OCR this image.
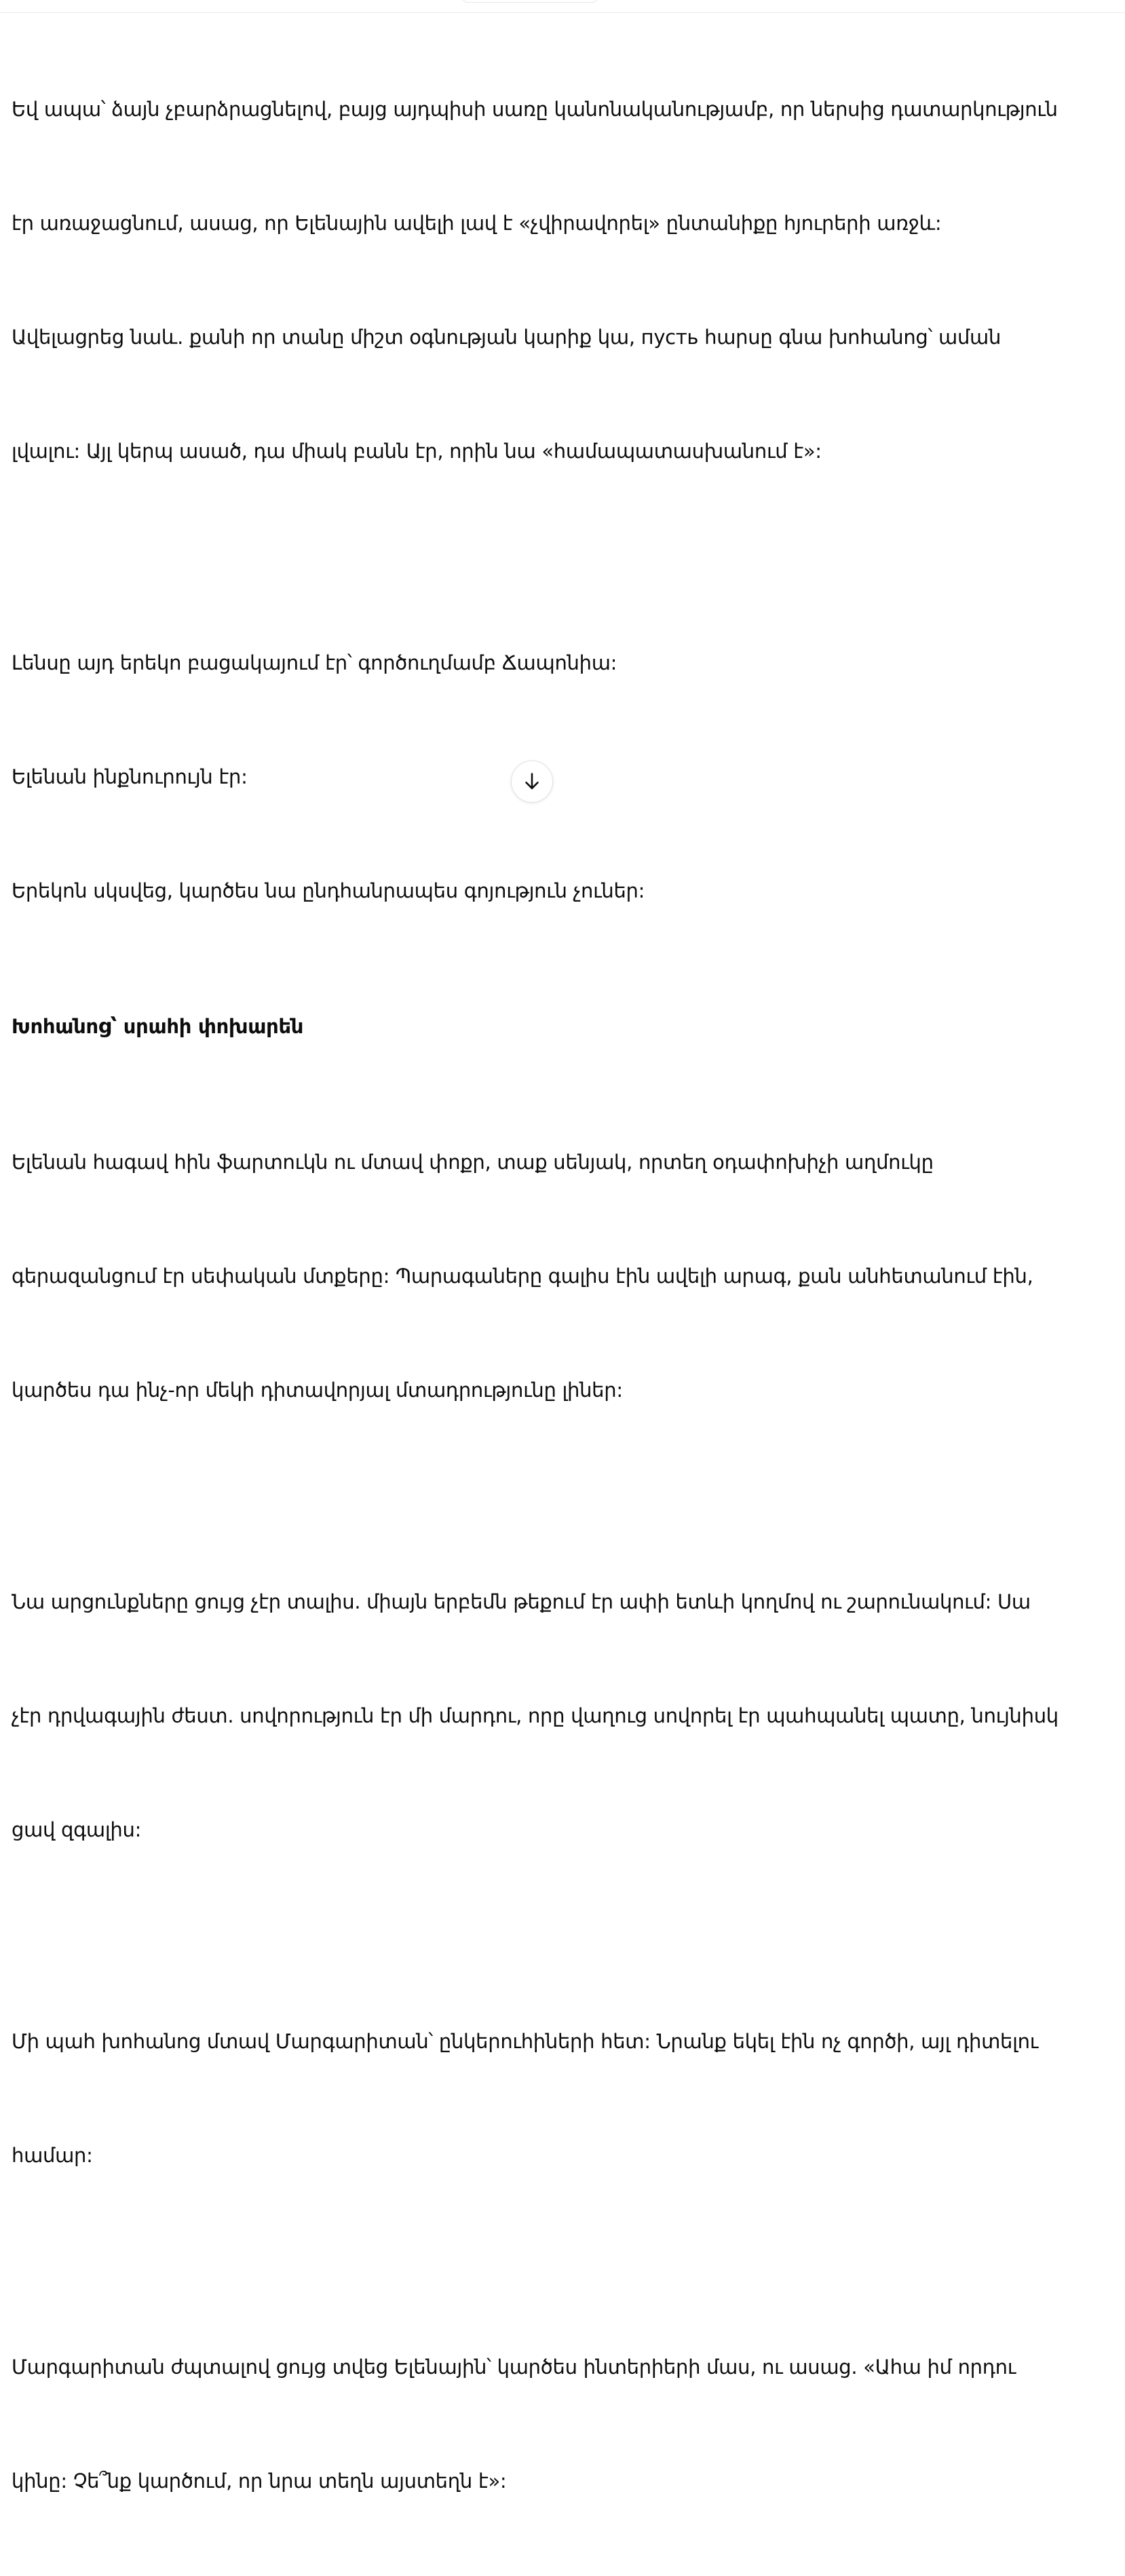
Եվ ապա՝ ձայն չբարձրացնելով, բայց այդպիսի սառը կանոնականությամբ, որ ներսից դատարկություն

էր առաջացնում, ասաց, որ Ելենային ավելի լավ է «չվիրավորել» ընտանիքը հյուրերի առջև:

Ավելացրեց նաև. քանի որ տանը միշտ օգնության կարիք կա, пусть հարսը գնա խոհանոց՝ աման

լվալու: Այլ կերպ ասած, դա միակ բանն էր, որին նա «համապատասխանում է»:

Լենսը այդ երեկո բացակայում էր՝ գործուղմամբ Ճապոնիա:

Ելենան ինքնուրույն էր:

Երեկոն սկսվեց, կարծես նա ընդհանրապես գոյություն չուներ:

Խոհանոց՝ սրահի փոխարեն

Ելենան հագավ հին ֆարտուկն ու մտավ փոքր, տաք սենյակ, որտեղ օդափոխիչի աղմուկը

գերազանցում էր սեփական մտքերը: Պարագաները գալիս էին ավելի արագ, քան անհետանում էին,

կարծես դա ինչ-որ մեկի դիտավորյալ մտադրությունը լիներ:

Նա արցունքները ցույց չէր տալիս. միայն երբեմն թեքում էր ափի ետևի կողմով ու շարունակում: Սա

չէր դրվագային ժեստ. սովորություն էր մի մարդու, որը վաղուց սովորել էր պահպանել պատը, նույնիսկ

ցավ զգալիս:

Մի պահ խոհանոց մտավ Մարգարիտան՝ ընկերուհիների հետ: Նրանք եկել էին ոչ գործի, այլ դիտելու

համար:

Մարգարիտան ժպտալով ցույց տվեց Ելենային՝ կարծես ինտերիերի մաս, ու ասաց. «Ահա իմ որդու

կինը: Չե՞նք կարծում, որ նրա տեղն այստեղն է»:
